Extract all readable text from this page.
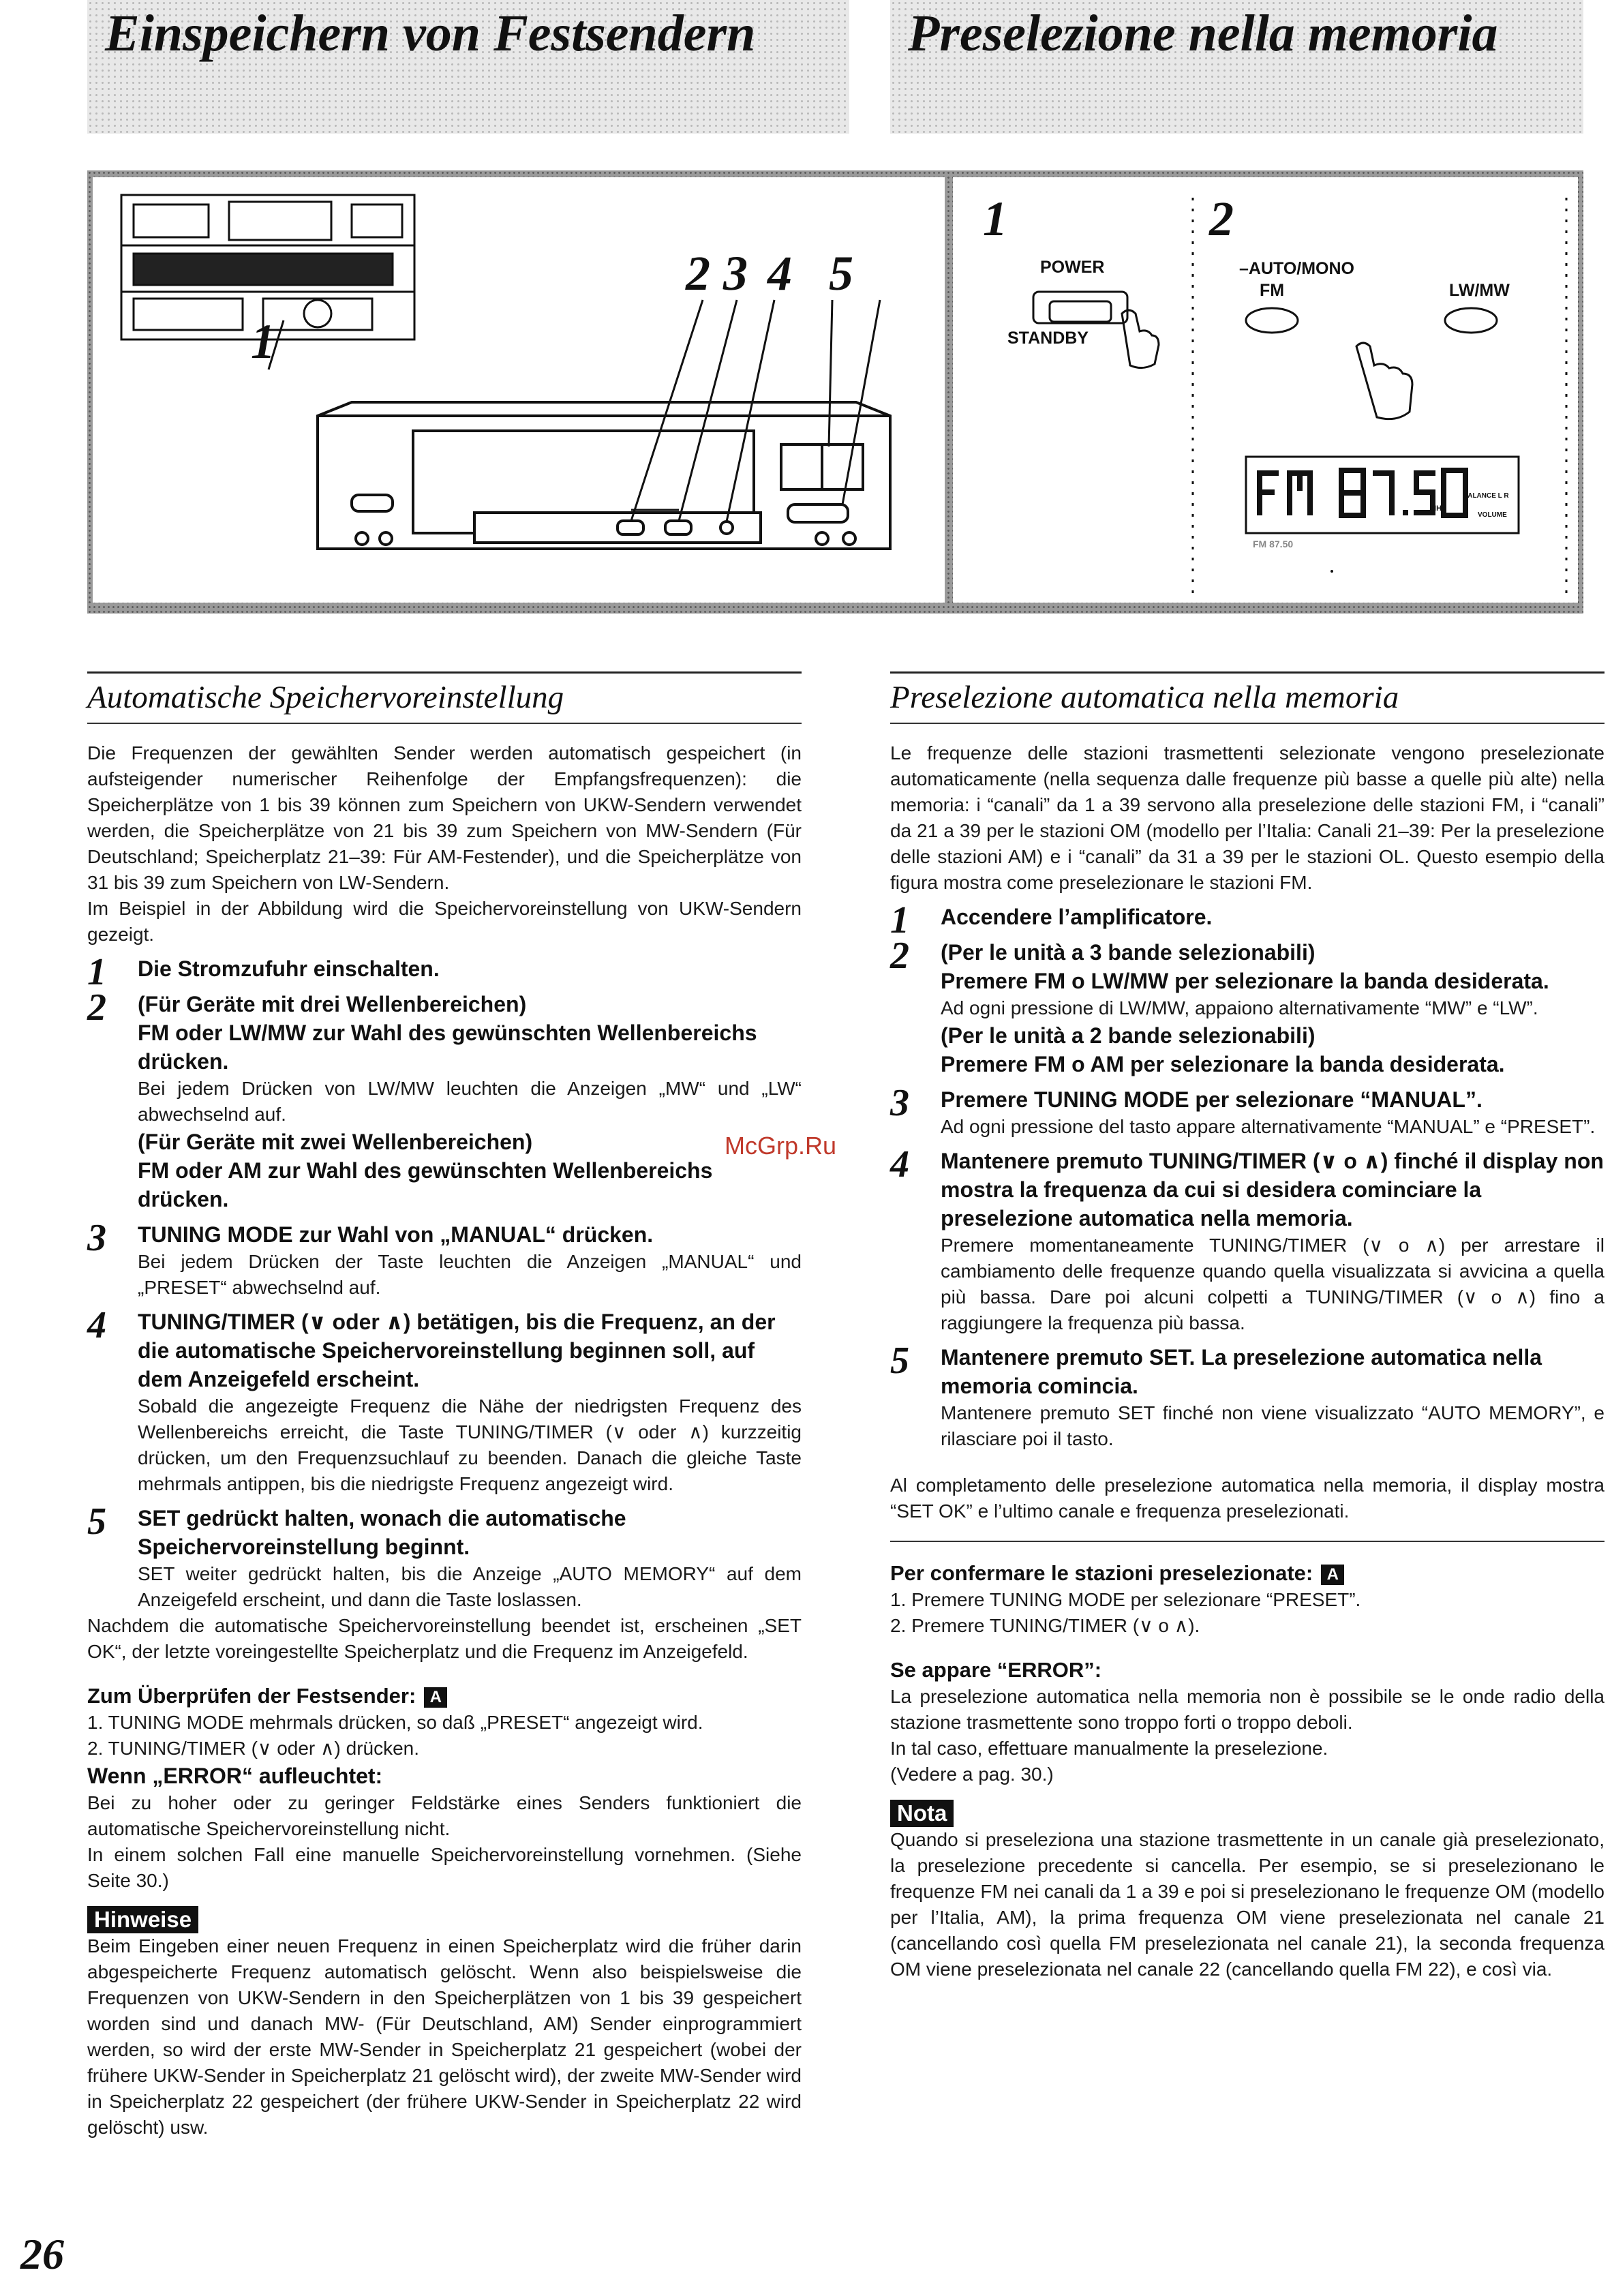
Einspeichern von Festsendern	Preselezione nella memoria
1
2 3 4 5
1	2
POWER
STANDBY
–AUTO/MONO
FM	LW/MW
MHz
BALANCE L R
VOLUME
FM 87.50
Automatische Speichervoreinstellung

Die Frequenzen der gewählten Sender werden automatisch gespeichert (in aufsteigender numerischer Reihenfolge der Empfangsfrequenzen): die Speicherplätze von 1 bis 39 können zum Speichern von UKW-Sendern verwendet werden, die Speicherplätze von 21 bis 39 zum Speichern von MW-Sendern (Für Deutschland; Speicherplatz 21–39: Für AM-Festender), und die Speicherplätze von 31 bis 39 zum Speichern von LW-Sendern.

Im Beispiel in der Abbildung wird die Speichervoreinstellung von UKW-Sendern gezeigt.

1 Die Stromzufuhr einschalten.
2 (Für Geräte mit drei Wellenbereichen)
FM oder LW/MW zur Wahl des gewünschten Wellenbereichs drücken.
Bei jedem Drücken von LW/MW leuchten die Anzeigen „MW“ und „LW“ abwechselnd auf.
(Für Geräte mit zwei Wellenbereichen)
FM oder AM zur Wahl des gewünschten Wellenbereichs drücken.
3 TUNING MODE zur Wahl von „MANUAL“ drücken.
Bei jedem Drücken der Taste leuchten die Anzeigen „MANUAL“ und „PRESET“ abwechselnd auf.
4 TUNING/TIMER (∨ oder ∧) betätigen, bis die Frequenz, an der die automatische Speichervoreinstellung beginnen soll, auf dem Anzeigefeld erscheint.
Sobald die angezeigte Frequenz die Nähe der niedrigsten Frequenz des Wellenbereichs erreicht, die Taste TUNING/TIMER (∨ oder ∧) kurzzeitig drücken, um den Frequenzsuchlauf zu beenden. Danach die gleiche Taste mehrmals antippen, bis die niedrigste Frequenz angezeigt wird.
5 SET gedrückt halten, wonach die automatische Speichervoreinstellung beginnt.
SET weiter gedrückt halten, bis die Anzeige „AUTO MEMORY“ auf dem Anzeigefeld erscheint, und dann die Taste loslassen.
Nachdem die automatische Speichervoreinstellung beendet ist, erscheinen „SET OK“, der letzte voreingestellte Speicherplatz und die Frequenz im Anzeigefeld.
Zum Überprüfen der Festsender: A
1. TUNING MODE mehrmals drücken, so daß „PRESET“ angezeigt wird.
2. TUNING/TIMER (∨ oder ∧) drücken.
Wenn „ERROR“ aufleuchtet:
Bei zu hoher oder zu geringer Feldstärke eines Senders funktioniert die automatische Speichervoreinstellung nicht.
In einem solchen Fall eine manuelle Speichervoreinstellung vornehmen. (Siehe Seite 30.)
Hinweise
Beim Eingeben einer neuen Frequenz in einen Speicherplatz wird die früher darin abgespeicherte Frequenz automatisch gelöscht. Wenn also beispielsweise die Frequenzen von UKW-Sendern in den Speicherplätzen von 1 bis 39 gespeichert worden sind und danach MW- (Für Deutschland, AM) Sender einprogrammiert werden, so wird der erste MW-Sender in Speicherplatz 21 gespeichert (wobei der frühere UKW-Sender in Speicherplatz 21 gelöscht wird), der zweite MW-Sender wird in Speicherplatz 22 gespeichert (der frühere UKW-Sender in Speicherplatz 22 wird gelöscht) usw.
Preselezione automatica nella memoria
Le frequenze delle stazioni trasmettenti selezionate vengono preselezionate automaticamente (nella sequenza dalle frequenze più basse a quelle più alte) nella memoria: i “canali” da 1 a 39 servono alla preselezione delle stazioni FM, i “canali” da 21 a 39 per le stazioni OM (modello per l’Italia: Canali 21–39: Per la preselezione delle stazioni AM) e i “canali” da 31 a 39 per le stazioni OL. Questo esempio della figura mostra come preselezionare le stazioni FM.
1 Accendere l’amplificatore.
2 (Per le unità a 3 bande selezionabili)
Premere FM o LW/MW per selezionare la banda desiderata.
Ad ogni pressione di LW/MW, appaiono alternativamente “MW” e “LW”.
(Per le unità a 2 bande selezionabili)
Premere FM o AM per selezionare la banda desiderata.
3 Premere TUNING MODE per selezionare “MANUAL”.
Ad ogni pressione del tasto appare alternativamente “MANUAL” e “PRESET”.
4 Mantenere premuto TUNING/TIMER (∨ o ∧) finché il display non mostra la frequenza da cui si desidera cominciare la preselezione automatica nella memoria.
Premere momentaneamente TUNING/TIMER (∨ o ∧) per arrestare il cambiamento delle frequenze quando quella visualizzata si avvicina a quella più bassa. Dare poi alcuni colpetti a TUNING/TIMER (∨ o ∧) fino a raggiungere la frequenza più bassa.
5 Mantenere premuto SET. La preselezione automatica nella memoria comincia.
Mantenere premuto SET finché non viene visualizzato “AUTO MEMORY”, e rilasciare poi il tasto.
Al completamento delle preselezione automatica nella memoria, il display mostra “SET OK” e l’ultimo canale e frequenza preselezionati.
Per confermare le stazioni preselezionate: A
1. Premere TUNING MODE per selezionare “PRESET”.
2. Premere TUNING/TIMER (∨ o ∧).
Se appare “ERROR”:
La preselezione automatica nella memoria non è possibile se le onde radio della stazione trasmettente sono troppo forti o troppo deboli.
In tal caso, effettuare manualmente la preselezione.
(Vedere a pag. 30.)
Nota
Quando si preseleziona una stazione trasmettente in un canale già preselezionato, la preselezione precedente si cancella. Per esempio, se si preselezionano le frequenze FM nei canali da 1 a 39 e poi si preselezionano le frequenze OM (modello per l’Italia, AM), la prima frequenza OM viene preselezionata nel canale 21 (cancellando così quella FM preselezionata nel canale 21), la seconda frequenza OM viene preselezionata nel canale 22 (cancellando quella FM 22), e così via.
McGrp.Ru
26
